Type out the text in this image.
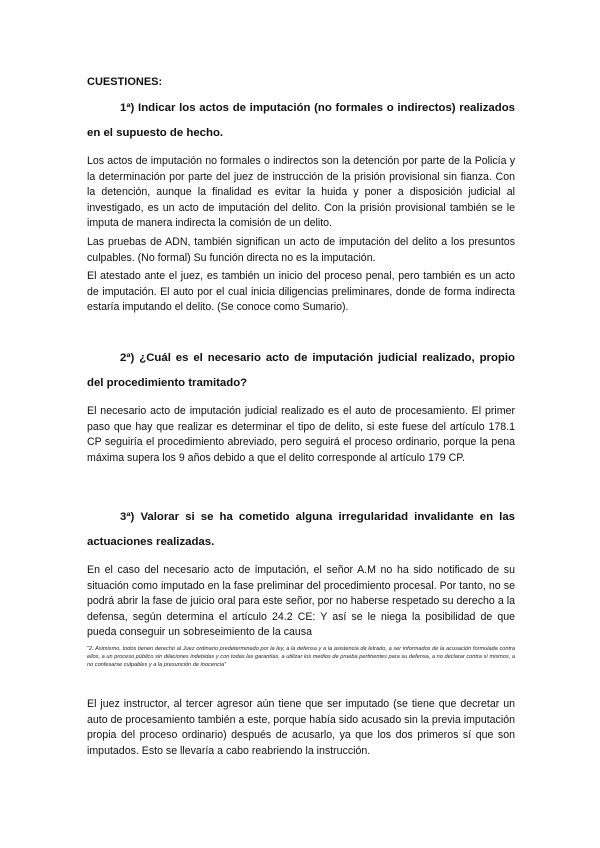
CUESTIONES:
1ª) Indicar los actos de imputación (no formales o indirectos) realizados en el supuesto de hecho.

Los actos de imputación no formales o indirectos son la detención por parte de la Policía y la determinación por parte del juez de instrucción de la prisión provisional sin fianza. Con la detención, aunque la finalidad es evitar la huida y poner a disposición judicial al investigado, es un acto de imputación del delito. Con la prisión provisional también se le imputa de manera indirecta la comisión de un delito.

Las pruebas de ADN, también significan un acto de imputación del delito a los presuntos culpables. (No formal) Su función directa no es la imputación.

El atestado ante el juez, es también un inicio del proceso penal, pero también es un acto de imputación. El auto por el cual inicia diligencias preliminares, donde de forma indirecta estaría imputando el delito. (Se conoce como Sumario).

2ª) ¿Cuál es el necesario acto de imputación judicial realizado, propio del procedimiento tramitado?

El necesario acto de imputación judicial realizado es el auto de procesamiento. El primer paso que hay que realizar es determinar el tipo de delito, si este fuese del artículo 178.1 CP seguiría el procedimiento abreviado, pero seguirá el proceso ordinario, porque la pena máxima supera los 9 años debido a que el delito corresponde al artículo 179 CP.

3ª) Valorar si se ha cometido alguna irregularidad invalidante en las actuaciones realizadas.

En el caso del necesario acto de imputación, el señor A.M no ha sido notificado de su situación como imputado en la fase preliminar del procedimiento procesal. Por tanto, no se podrá abrir la fase de juicio oral para este señor, por no haberse respetado su derecho a la defensa, según determina el artículo 24.2 CE: Y así se le niega la posibilidad de que pueda conseguir un sobreseimiento de la causa

"2. Asimismo, todos tienen derecho al Juez ordinario predeterminado por la ley, a la defensa y a la asistencia de letrado, a ser informados de la acusación formulada contra ellos, a un proceso público sin dilaciones indebidas y con todas las garantías, a utilizar los medios de prueba pertinentes para su defensa, a no declarar contra sí mismos, a no confesarse culpables y a la presunción de inocencia"

El juez instructor, al tercer agresor aún tiene que ser imputado (se tiene que decretar un auto de procesamiento también a este, porque había sido acusado sin la previa imputación propia del proceso ordinario) después de acusarlo, ya que los dos primeros sí que son imputados. Esto se llevaría a cabo reabriendo la instrucción.
